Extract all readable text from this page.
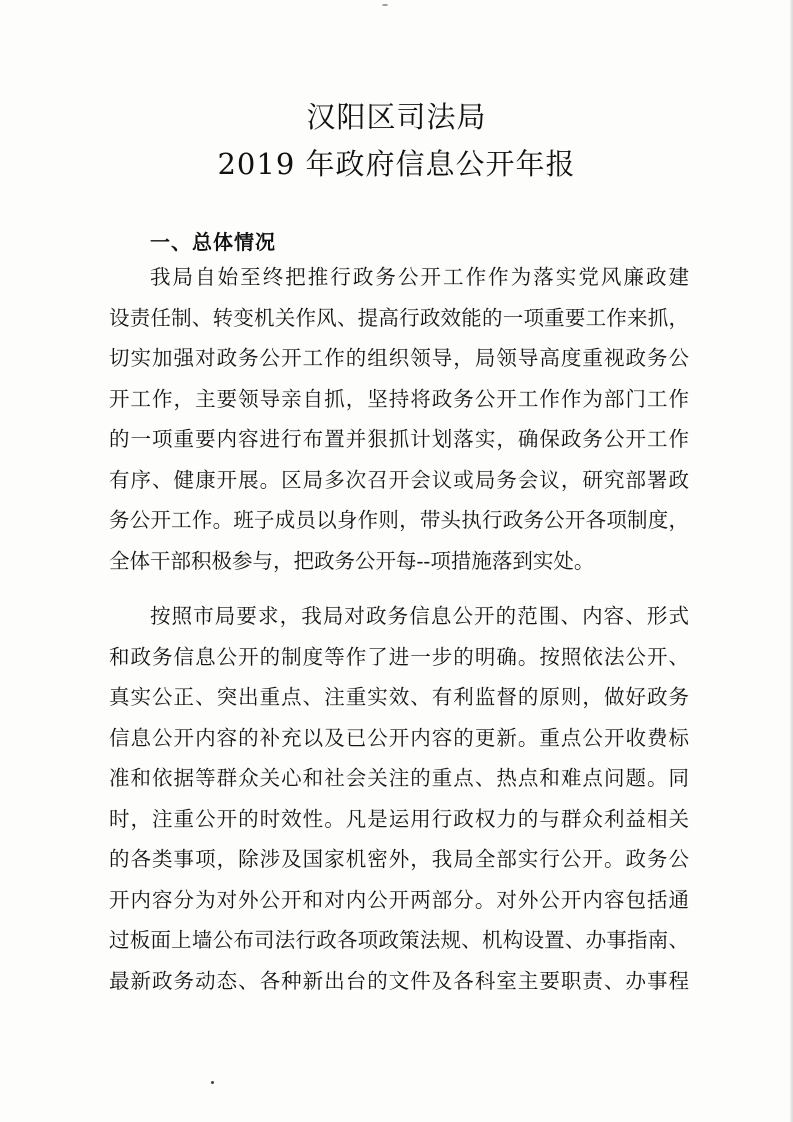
汉阳区司法局
2019 年政府信息公开年报
一、总体情况
我局自始至终把推行政务公开工作作为落实党风廉政建
设责任制、转变机关作风、提高行政效能的一项重要工作来抓，
切实加强对政务公开工作的组织领导，局领导高度重视政务公
开工作，主要领导亲自抓，坚持将政务公开工作作为部门工作
的一项重要内容进行布置并狠抓计划落实，确保政务公开工作
有序、健康开展。区局多次召开会议或局务会议，研究部署政
务公开工作。班子成员以身作则，带头执行政务公开各项制度，
全体干部积极参与，把政务公开每--项措施落到实处。
按照市局要求，我局对政务信息公开的范围、内容、形式
和政务信息公开的制度等作了进一步的明确。按照依法公开、
真实公正、突出重点、注重实效、有利监督的原则，做好政务
信息公开内容的补充以及已公开内容的更新。重点公开收费标
准和依据等群众关心和社会关注的重点、热点和难点问题。同
时，注重公开的时效性。凡是运用行政权力的与群众利益相关
的各类事项，除涉及国家机密外，我局全部实行公开。政务公
开内容分为对外公开和对内公开两部分。对外公开内容包括通
过板面上墙公布司法行政各项政策法规、机构设置、办事指南、
最新政务动态、各种新出台的文件及各科室主要职责、办事程
